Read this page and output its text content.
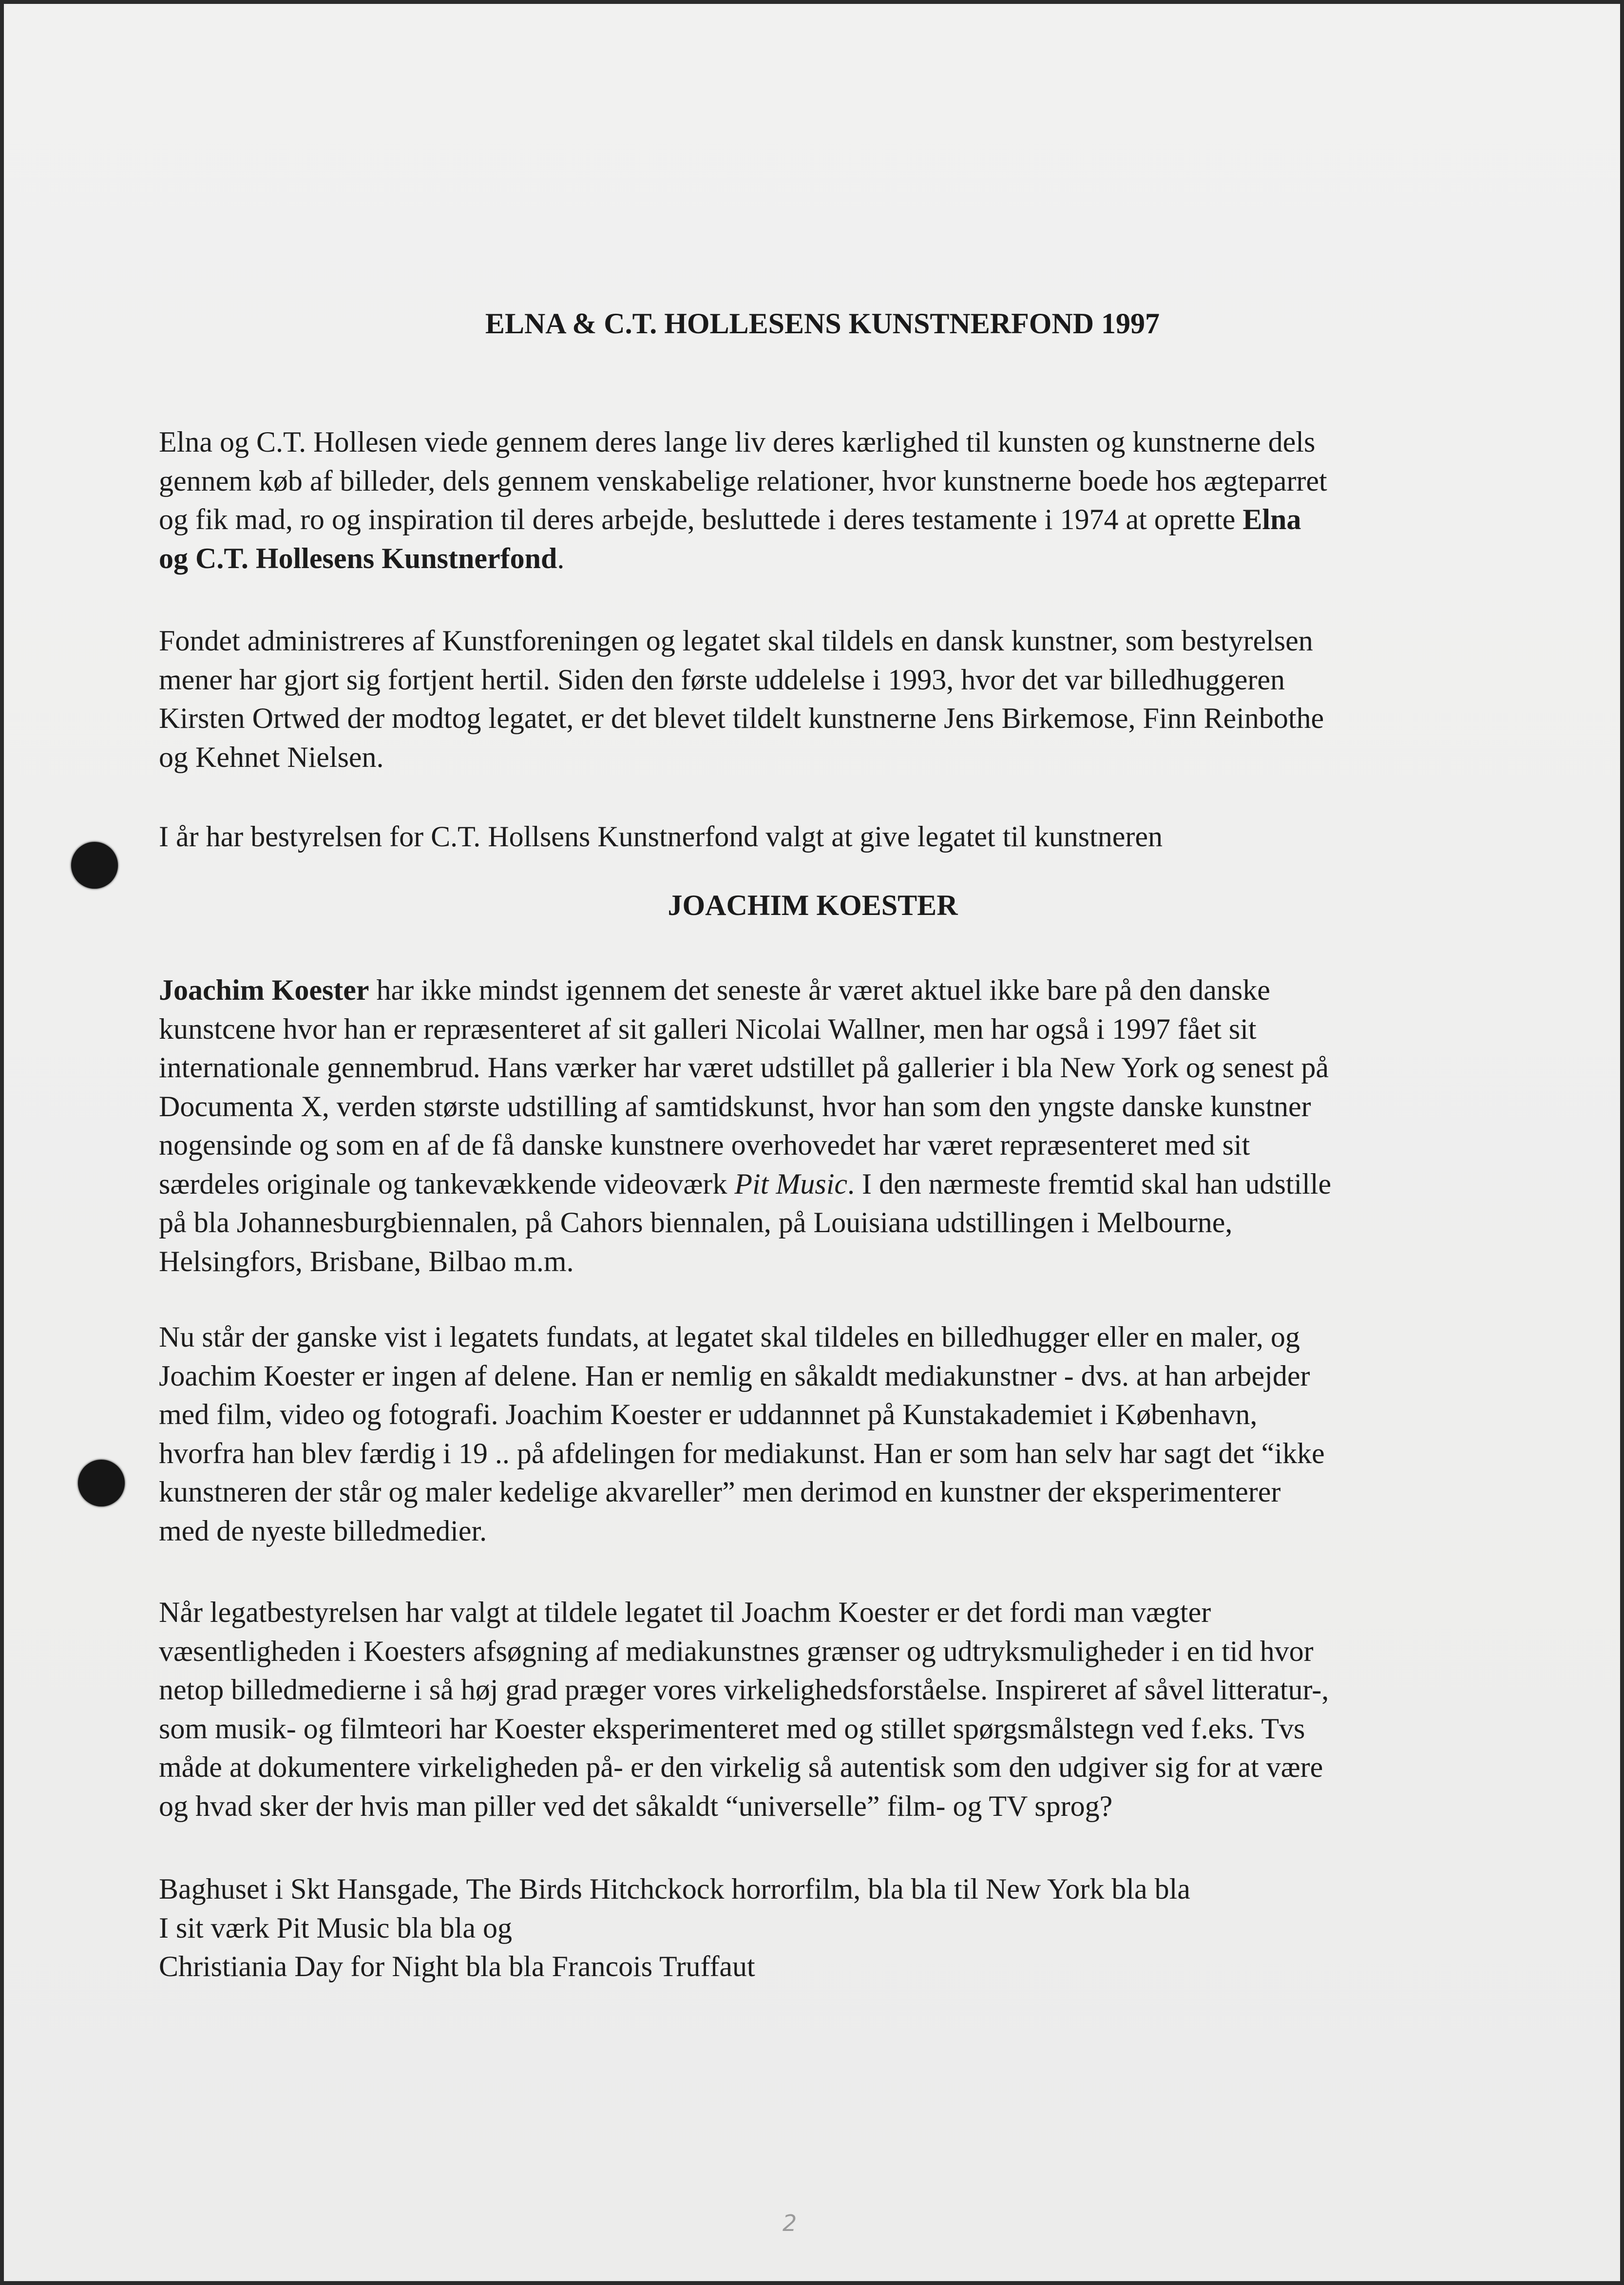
ELNA & C.T. HOLLESENS KUNSTNERFOND 1997

Elna og C.T. Hollesen viede gennem deres lange liv deres kærlighed til kunsten og kunstnerne dels
gennem køb af billeder, dels gennem venskabelige relationer, hvor kunstnerne boede hos ægteparret
og fik mad, ro og inspiration til deres arbejde, besluttede i deres testamente i 1974 at oprette Elna
og C.T. Hollesens Kunstnerfond.

Fondet administreres af Kunstforeningen og legatet skal tildels en dansk kunstner, som bestyrelsen
mener har gjort sig fortjent hertil. Siden den første uddelelse i 1993, hvor det var billedhuggeren
Kirsten Ortwed der modtog legatet, er det blevet tildelt kunstnerne Jens Birkemose, Finn Reinbothe
og Kehnet Nielsen.

I år har bestyrelsen for C.T. Hollsens Kunstnerfond valgt at give legatet til kunstneren

JOACHIM KOESTER

Joachim Koester har ikke mindst igennem det seneste år været aktuel ikke bare på den danske
kunstcene hvor han er repræsenteret af sit galleri Nicolai Wallner, men har også i 1997 fået sit
internationale gennembrud. Hans værker har været udstillet på gallerier i bla New York og senest på
Documenta X, verden største udstilling af samtidskunst, hvor han som den yngste danske kunstner
nogensinde og som en af de få danske kunstnere overhovedet har været repræsenteret med sit
særdeles originale og tankevækkende videoværk Pit Music. I den nærmeste fremtid skal han udstille
på bla Johannesburgbiennalen, på Cahors biennalen, på Louisiana udstillingen i Melbourne,
Helsingfors, Brisbane, Bilbao m.m.

Nu står der ganske vist i legatets fundats, at legatet skal tildeles en billedhugger eller en maler, og
Joachim Koester er ingen af delene. Han er nemlig en såkaldt mediakunstner - dvs. at han arbejder
med film, video og fotografi. Joachim Koester er uddannnet på Kunstakademiet i København,
hvorfra han blev færdig i 19 .. på afdelingen for mediakunst. Han er som han selv har sagt det “ikke
kunstneren der står og maler kedelige akvareller” men derimod en kunstner der eksperimenterer
med de nyeste billedmedier.

Når legatbestyrelsen har valgt at tildele legatet til Joachm Koester er det fordi man vægter
væsentligheden i Koesters afsøgning af mediakunstnes grænser og udtryksmuligheder i en tid hvor
netop billedmedierne i så høj grad præger vores virkelighedsforståelse. Inspireret af såvel litteratur-,
som musik- og filmteori har Koester eksperimenteret med og stillet spørgsmålstegn ved f.eks. Tvs
måde at dokumentere virkeligheden på- er den virkelig så autentisk som den udgiver sig for at være
og hvad sker der hvis man piller ved det såkaldt “universelle” film- og TV sprog?

Baghuset i Skt Hansgade, The Birds Hitchckock horrorfilm, bla bla til New York bla bla
I sit værk Pit Music bla bla og
Christiania Day for Night bla bla Francois Truffaut

2
